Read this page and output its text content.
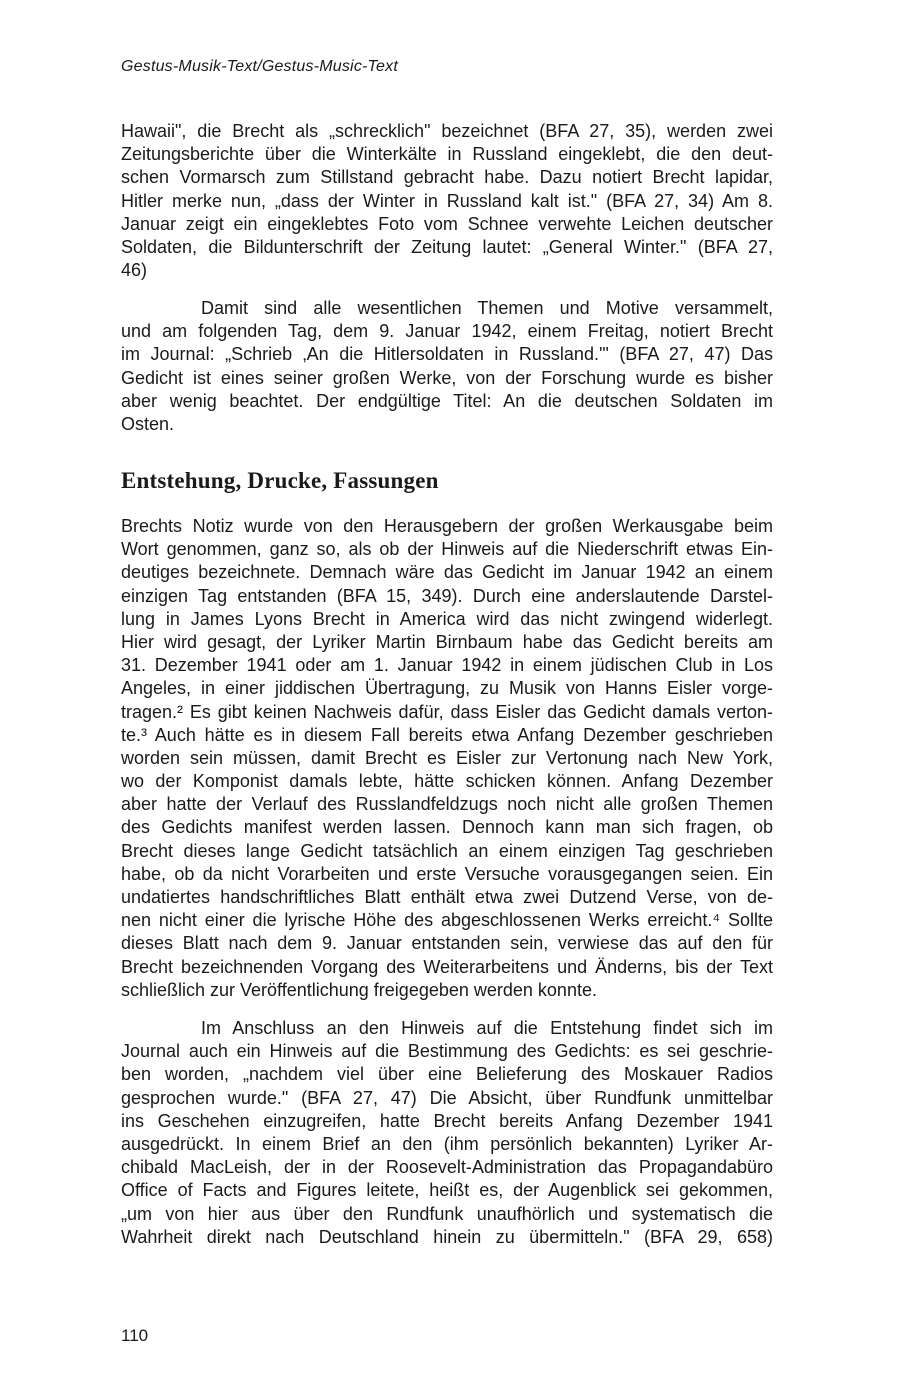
Gestus-Musik-Text/Gestus-Music-Text
Hawaii", die Brecht als „schrecklich" bezeichnet (BFA 27, 35), werden zwei
Zeitungsberichte über die Winterkälte in Russland eingeklebt, die den deut-
schen Vormarsch zum Stillstand gebracht habe. Dazu notiert Brecht lapidar,
Hitler merke nun, „dass der Winter in Russland kalt ist." (BFA 27, 34) Am 8.
Januar zeigt ein eingeklebtes Foto vom Schnee verwehte Leichen deutscher
Soldaten, die Bildunterschrift der Zeitung lautet: „General Winter." (BFA 27,
46)
Damit sind alle wesentlichen Themen und Motive versammelt,
und am folgenden Tag, dem 9. Januar 1942, einem Freitag, notiert Brecht
im Journal: „Schrieb ‚An die Hitlersoldaten in Russland.'" (BFA 27, 47) Das
Gedicht ist eines seiner großen Werke, von der Forschung wurde es bisher
aber wenig beachtet. Der endgültige Titel: An die deutschen Soldaten im
Osten.
Entstehung, Drucke, Fassungen
Brechts Notiz wurde von den Herausgebern der großen Werkausgabe beim
Wort genommen, ganz so, als ob der Hinweis auf die Niederschrift etwas Ein-
deutiges bezeichnete. Demnach wäre das Gedicht im Januar 1942 an einem
einzigen Tag entstanden (BFA 15, 349). Durch eine anderslautende Darstel-
lung in James Lyons Brecht in America wird das nicht zwingend widerlegt.
Hier wird gesagt, der Lyriker Martin Birnbaum habe das Gedicht bereits am
31. Dezember 1941 oder am 1. Januar 1942 in einem jüdischen Club in Los
Angeles, in einer jiddischen Übertragung, zu Musik von Hanns Eisler vorge-
tragen.² Es gibt keinen Nachweis dafür, dass Eisler das Gedicht damals verton-
te.³ Auch hätte es in diesem Fall bereits etwa Anfang Dezember geschrieben
worden sein müssen, damit Brecht es Eisler zur Vertonung nach New York,
wo der Komponist damals lebte, hätte schicken können. Anfang Dezember
aber hatte der Verlauf des Russlandfeldzugs noch nicht alle großen Themen
des Gedichts manifest werden lassen. Dennoch kann man sich fragen, ob
Brecht dieses lange Gedicht tatsächlich an einem einzigen Tag geschrieben
habe, ob da nicht Vorarbeiten und erste Versuche vorausgegangen seien. Ein
undatiertes handschriftliches Blatt enthält etwa zwei Dutzend Verse, von de-
nen nicht einer die lyrische Höhe des abgeschlossenen Werks erreicht.⁴ Sollte
dieses Blatt nach dem 9. Januar entstanden sein, verwiese das auf den für
Brecht bezeichnenden Vorgang des Weiterarbeitens und Änderns, bis der Text
schließlich zur Veröffentlichung freigegeben werden konnte.
Im Anschluss an den Hinweis auf die Entstehung findet sich im
Journal auch ein Hinweis auf die Bestimmung des Gedichts: es sei geschrie-
ben worden, „nachdem viel über eine Belieferung des Moskauer Radios
gesprochen wurde." (BFA 27, 47) Die Absicht, über Rundfunk unmittelbar
ins Geschehen einzugreifen, hatte Brecht bereits Anfang Dezember 1941
ausgedrückt. In einem Brief an den (ihm persönlich bekannten) Lyriker Ar-
chibald MacLeish, der in der Roosevelt-Administration das Propagandabüro
Office of Facts and Figures leitete, heißt es, der Augenblick sei gekommen,
„um von hier aus über den Rundfunk unaufhörlich und systematisch die
Wahrheit direkt nach Deutschland hinein zu übermitteln." (BFA 29, 658)
110
